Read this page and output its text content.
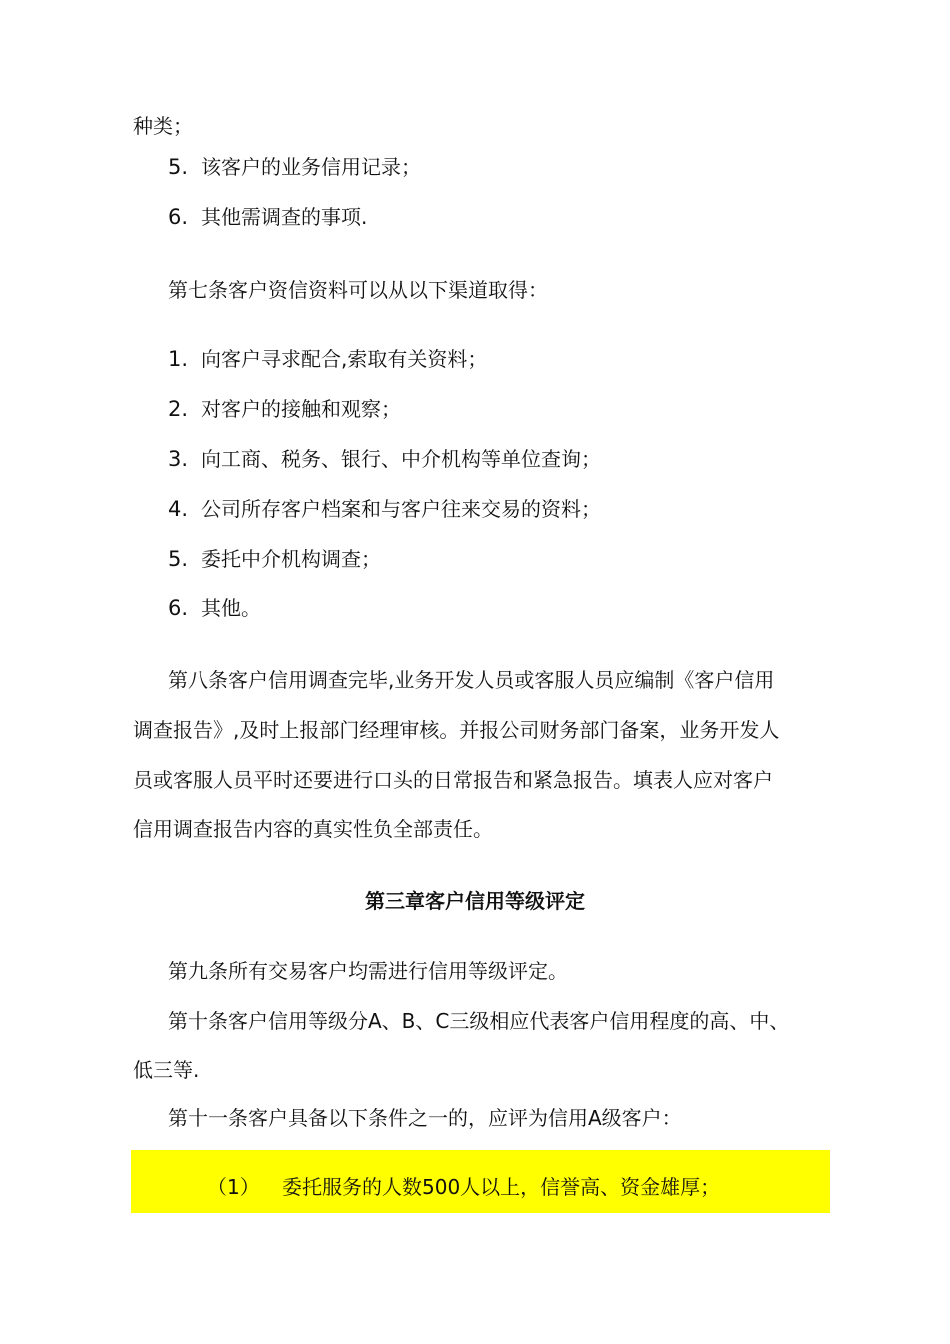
种类；
5. 该客户的业务信用记录；
6. 其他需调查的事项.
第七条客户资信资料可以从以下渠道取得：
1. 向客户寻求配合,索取有关资料；
2. 对客户的接触和观察；
3. 向工商、税务、银行、中介机构等单位查询；
4. 公司所存客户档案和与客户往来交易的资料；
5. 委托中介机构调查；
6. 其他。
第八条客户信用调查完毕,业务开发人员或客服人员应编制《客户信用
调查报告》,及时上报部门经理审核。并报公司财务部门备案，业务开发人
员或客服人员平时还要进行口头的日常报告和紧急报告。填表人应对客户
信用调查报告内容的真实性负全部责任。
第三章客户信用等级评定
第九条所有交易客户均需进行信用等级评定。
第十条客户信用等级分A、B、C三级相应代表客户信用程度的高、中、
低三等.
第十一条客户具备以下条件之一的，应评为信用A级客户：
（1） 委托服务的人数500人以上，信誉高、资金雄厚；
